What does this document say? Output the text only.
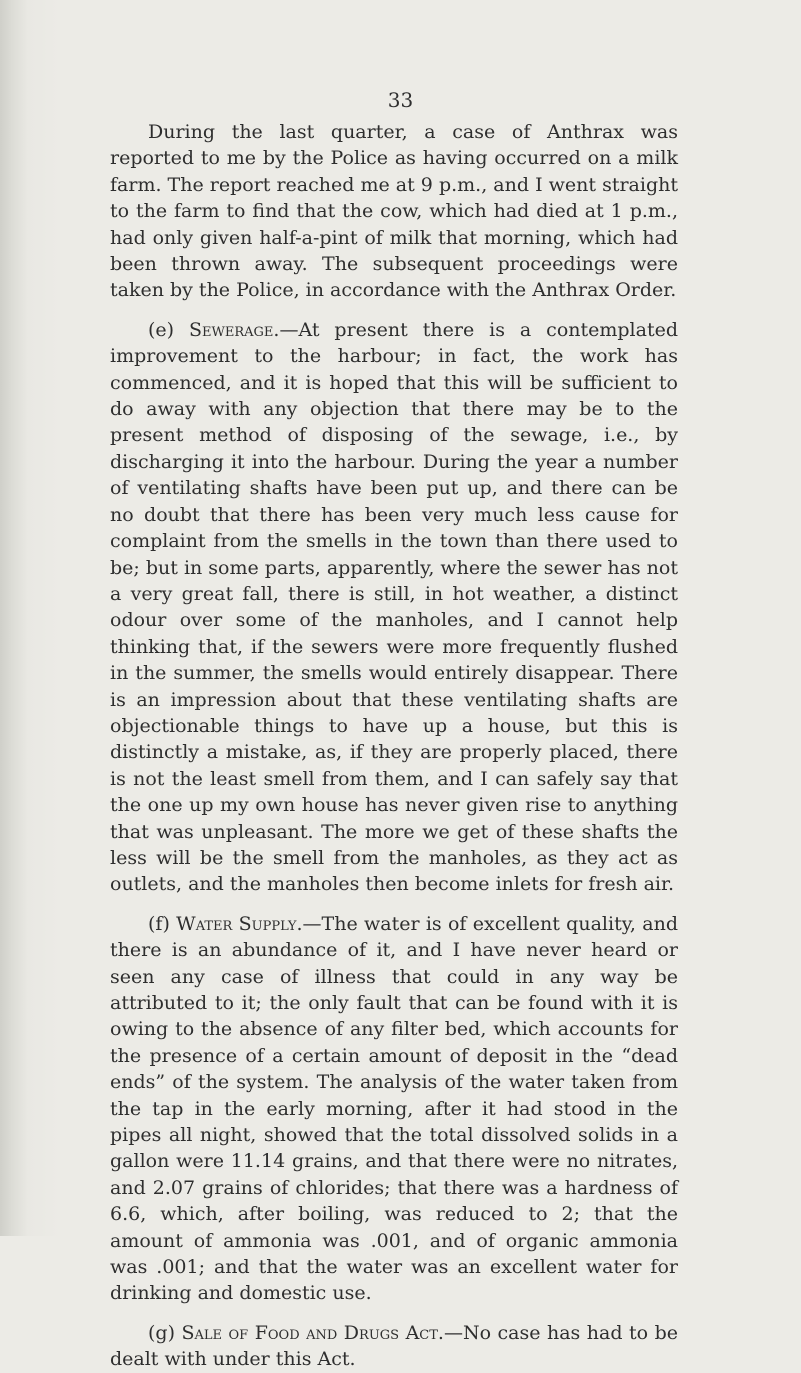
33

During the last quarter, a case of Anthrax was reported to me by the Police as having occurred on a milk farm. The report reached me at 9 p.m., and I went straight to the farm to find that the cow, which had died at 1 p.m., had only given half-a-pint of milk that morning, which had been thrown away. The subsequent proceedings were taken by the Police, in accordance with the Anthrax Order.

(e) Sewerage.—At present there is a contemplated improvement to the harbour; in fact, the work has commenced, and it is hoped that this will be sufficient to do away with any objection that there may be to the present method of disposing of the sewage, i.e., by discharging it into the harbour. During the year a number of ventilating shafts have been put up, and there can be no doubt that there has been very much less cause for complaint from the smells in the town than there used to be; but in some parts, apparently, where the sewer has not a very great fall, there is still, in hot weather, a distinct odour over some of the manholes, and I cannot help thinking that, if the sewers were more frequently flushed in the summer, the smells would entirely disappear. There is an impression about that these ventilating shafts are objectionable things to have up a house, but this is distinctly a mistake, as, if they are properly placed, there is not the least smell from them, and I can safely say that the one up my own house has never given rise to anything that was unpleasant. The more we get of these shafts the less will be the smell from the manholes, as they act as outlets, and the manholes then become inlets for fresh air.

(f) Water Supply.—The water is of excellent quality, and there is an abundance of it, and I have never heard or seen any case of illness that could in any way be attributed to it; the only fault that can be found with it is owing to the absence of any filter bed, which accounts for the presence of a certain amount of deposit in the “dead ends” of the system. The analysis of the water taken from the tap in the early morning, after it had stood in the pipes all night, showed that the total dissolved solids in a gallon were 11.14 grains, and that there were no nitrates, and 2.07 grains of chlorides; that there was a hardness of 6.6, which, after boiling, was reduced to 2; that the amount of ammonia was .001, and of organic ammonia was .001; and that the water was an excellent water for drinking and domestic use.

(g) Sale of Food and Drugs Act.—No case has had to be dealt with under this Act.
